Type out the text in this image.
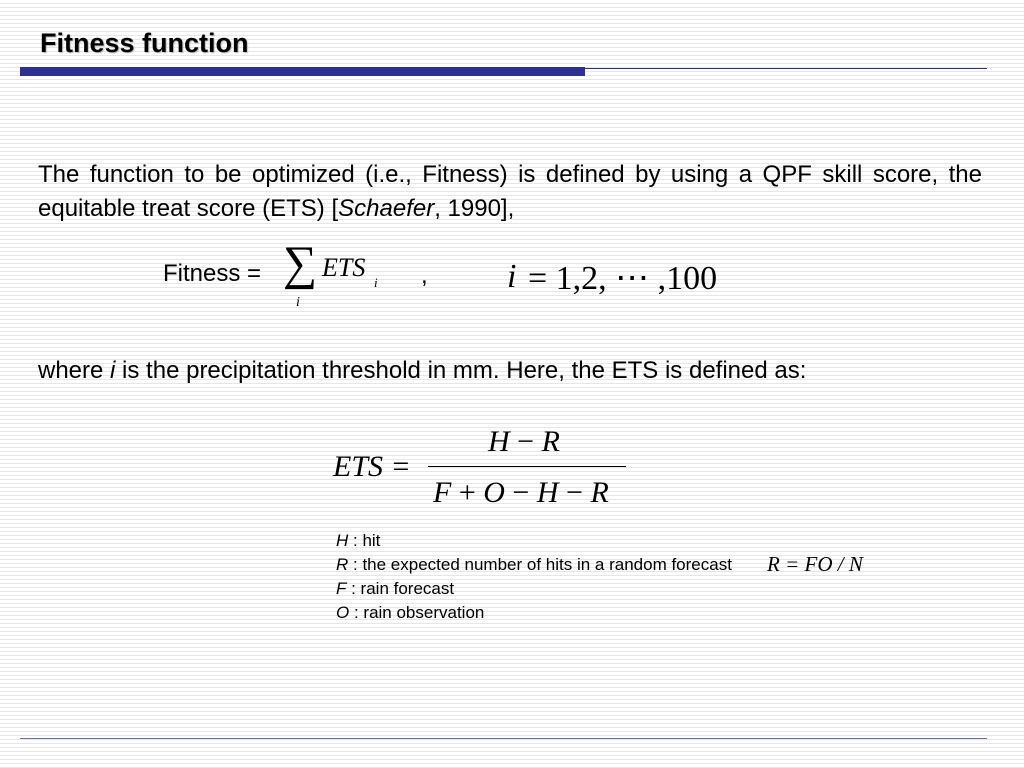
Fitness function
The function to be optimized (i.e., Fitness) is defined by using a QPF skill score, the equitable treat score (ETS) [Schaefer, 1990],
Fitness = ∑ ETS
i
i
, i = 1,2, ⋯ ,100
where i is the precipitation threshold in mm. Here, the ETS is defined as:
ETS =
H − R
F + O − H − R
H : hit
R : the expected number of hits in a random forecast
F : rain forecast
O : rain observation
R = FO / N
